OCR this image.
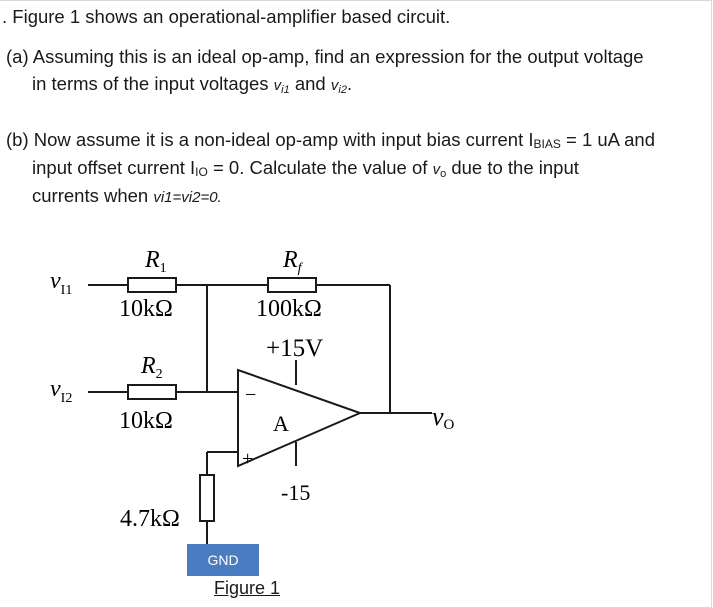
. Figure 1 shows an operational-amplifier based circuit.
(a) Assuming this is an ideal op-amp, find an expression for the output voltage
in terms of the input voltages $v_{i1}$ and $v_{i2}$.
(b) Now assume it is a non-ideal op-amp with input bias current IBIAS = 1 uA and
input offset current IIO = 0. Calculate the value of $v_o$ due to the input
currents when vi1=vi2=0.
$R_1$
10kΩ
$R_f$
100kΩ
+15V
$R_2$
10kΩ
$v_{I1}$
$v_{I2}$
vO
A
−
+
-15
4.7kΩ
GND
Figure 1
